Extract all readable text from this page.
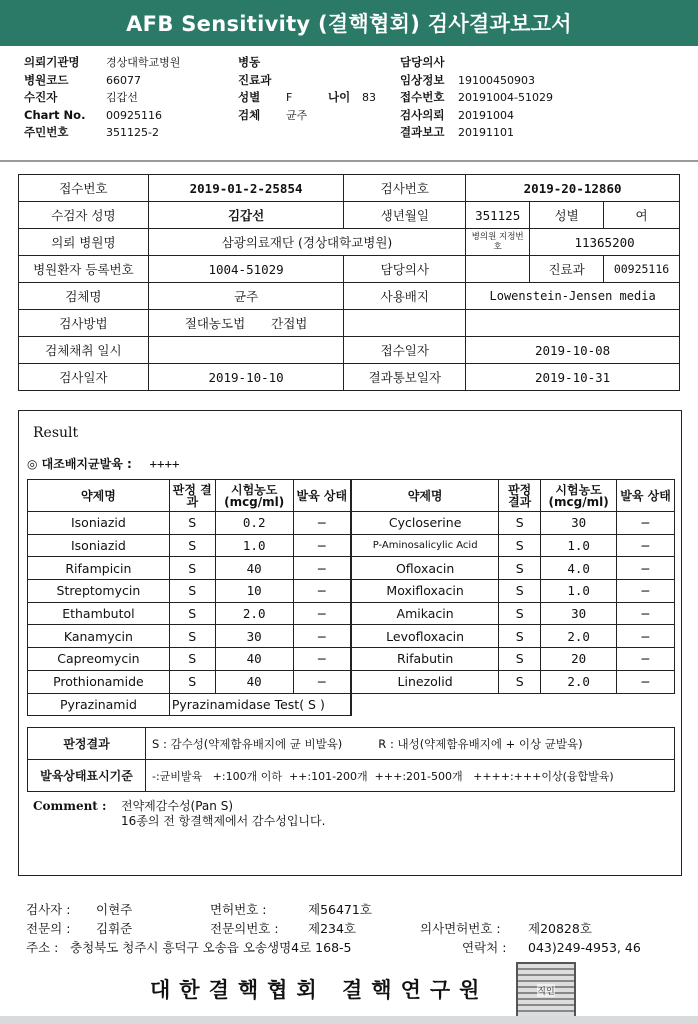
AFB Sensitivity (결핵협회) 검사결과보고서
의뢰기관명	경상대학교병원
병원코드	66077
수진자	김갑선
Chart No.	00925116
주민번호	351125-2
병동
진료과
성별	F	나이	83
검체	균주
담당의사
임상정보	19100450903
접수번호	20191004-51029
검사의뢰	20191004
결과보고	20191101
접수번호	2019-01-2-25854	검사번호	2019-20-12860		
수검자 성명	김갑선	생년월일	351125	성별	여
의뢰 병원명	삼광의료재단 (경상대학교병원)		병의원 지정번호	11365200	
병원환자 등록번호	1004-51029	담당의사		진료과	00925116
검체명	균주	사용배지	Lowenstein-Jensen media		
검사방법	절대농도법 간접법				
검체채취 일시		접수일자	2019-10-08		
검사일자	2019-10-10	결과통보일자	2019-10-31		
Result
◎ 대조배지균발육 : ++++
약제명	판정 결과	시험농도 (mcg/ml)	발육 상태	약제명	판정 결과	시험농도 (mcg/ml)	발육 상태
Isoniazid	S	0.2	−	Cycloserine	S	30	−
Isoniazid	S	1.0	−	P-Aminosalicylic Acid	S	1.0	−
Rifampicin	S	40	−	Ofloxacin	S	4.0	−
Streptomycin	S	10	−	Moxifloxacin	S	1.0	−
Ethambutol	S	2.0	−	Amikacin	S	30	−
Kanamycin	S	30	−	Levofloxacin	S	2.0	−
Capreomycin	S	40	−	Rifabutin	S	20	−
Prothionamide	S	40	−	Linezolid	S	2.0	−
Pyrazinamid	Pyrazinamidase Test( S )						
판정결과	S : 감수성(약제함유배지에 균 비발육) R : 내성(약제함유배지에 + 이상 균발육)
발육상태표시기준	-:균비발육   +:100개 이하  ++:101-200개  +++:201-500개   ++++:+++이상(융합발육)
Comment :	전약제감수성(Pan S)
16종의 전 항결핵제에서 감수성입니다.
검사자 : 이현주	면허번호 :	제56471호
전문의 : 김휘준	전문의번호 : 제234호	의사면허번호 : 제20828호
주소 : 충청북도 청주시 흥덕구 오송읍 오송생명4로 168-5	연락처 : 043)249-4953, 46
대한결핵협회 결핵연구원	직인
